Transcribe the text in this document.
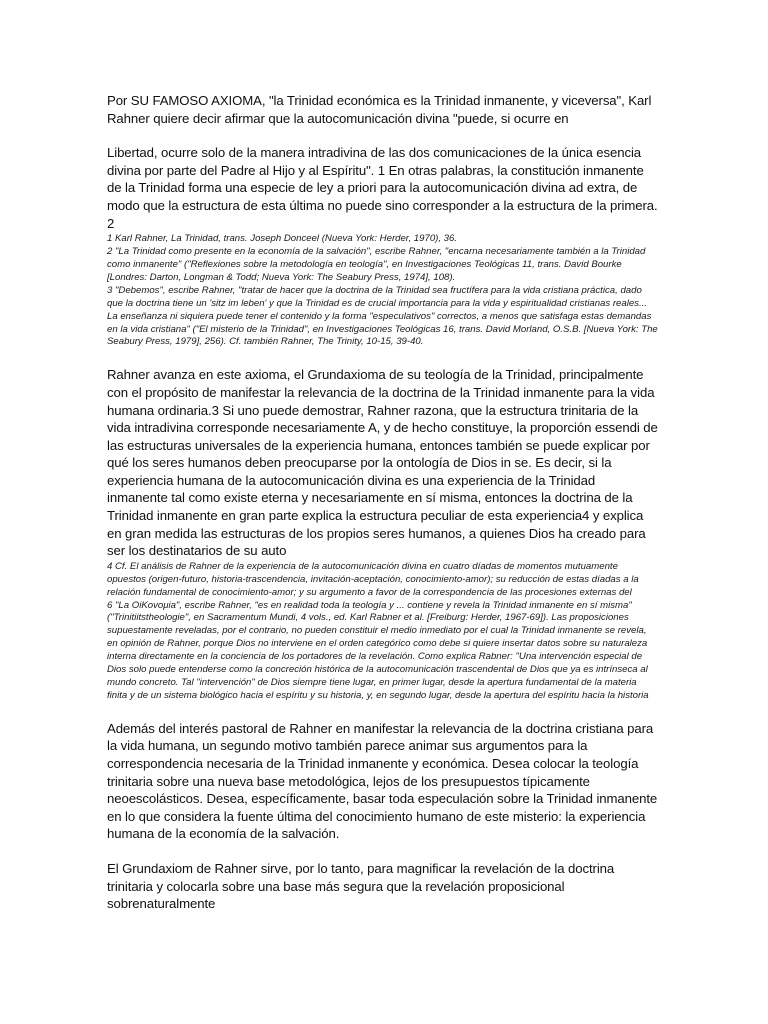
Por SU FAMOSO AXIOMA, "la Trinidad económica es la Trinidad inmanente, y viceversa", Karl Rahner quiere decir afirmar que la autocomunicación divina "puede, si ocurre en

Libertad, ocurre solo de la manera intradivina de las dos comunicaciones de la única esencia divina por parte del Padre al Hijo y al Espíritu". 1 En otras palabras, la constitución inmanente de la Trinidad forma una especie de ley a priori para la autocomunicación divina ad extra, de modo que la estructura de esta última no puede sino corresponder a la estructura de la primera. 2

1 Karl Rahner, La Trinidad, trans. Joseph Donceel (Nueva York: Herder, 1970), 36.

2 "La Trinidad como presente en la economía de la salvación", escribe Rahner, "encarna necesariamente también a la Trinidad como inmanente" ("Reflexiones sobre la metodología en teología", en Investigaciones Teológicas 11, trans. David Bourke [Londres: Darton, Longman & Todd; Nueva York: The Seabury Press, 1974], 108).

3 "Debemos", escribe Rahner, "tratar de hacer que la doctrina de la Trinidad sea fructífera para la vida cristiana práctica, dado que la doctrina tiene un 'sitz im leben' y que la Trinidad es de crucial importancia para la vida y espiritualidad cristianas reales... La enseñanza ni siquiera puede tener el contenido y la forma "especulativos" correctos, a menos que satisfaga estas demandas en la vida cristiana" ("El misterio de la Trinidad", en Investigaciones Teológicas 16, trans. David Morland, O.S.B. [Nueva York: The Seabury Press, 1979], 256). Cf. también Rahner, The Trinity, 10-15, 39-40.

Rahner avanza en este axioma, el Grundaxioma de su teología de la Trinidad, principalmente con el propósito de manifestar la relevancia de la doctrina de la Trinidad inmanente para la vida humana ordinaria.3 Si uno puede demostrar, Rahner razona, que la estructura trinitaria de la vida intradivina corresponde necesariamente A, y de hecho constituye, la proporción essendi de las estructuras universales de la experiencia humana, entonces también se puede explicar por qué los seres humanos deben preocuparse por la ontología de Dios in se. Es decir, si la experiencia humana de la autocomunicación divina es una experiencia de la Trinidad inmanente tal como existe eterna y necesariamente en sí misma, entonces la doctrina de la Trinidad inmanente en gran parte explica la estructura peculiar de esta experiencia4 y explica en gran medida las estructuras de los propios seres humanos, a quienes Dios ha creado para ser los destinatarios de su auto

4 Cf. El análisis de Rahner de la experiencia de la autocomunicación divina en cuatro díadas de momentos mutuamente opuestos (origen-futuro, historia-trascendencia, invitación-aceptación, conocimiento-amor); su reducción de estas díadas a la relación fundamental de conocimiento-amor; y su argumento a favor de la correspondencia de las procesiones externas del

6 "La OiKovoμia", escribe Rahner, "es en realidad toda la teología y ... contiene y revela la Trinidad inmanente en sí misma" ("Trinitiitstheologie", en Sacramentum Mundi, 4 vols., ed. Karl Rabner et al. [Freiburg: Herder, 1967-69]). Las proposiciones supuestamente reveladas, por el contrario, no pueden constituir el medio inmediato por el cual la Trinidad inmanente se revela, en opinión de Rahner, porque Dios no interviene en el orden categórico como debe si quiere insertar datos sobre su naturaleza interna directamente en la conciencia de los portadores de la revelación. Como explica Rabner: "Una intervención especial de Dios solo puede entenderse como la concreción histórica de la autocomunicación trascendental de Dios que ya es intrínseca al mundo concreto. Tal "intervención" de Dios siempre tiene lugar, en primer lugar, desde la apertura fundamental de la materia finita y de un sistema biológico hacia el espíritu y su historia, y, en segundo lugar, desde la apertura del espíritu hacia la historia

Además del interés pastoral de Rahner en manifestar la relevancia de la doctrina cristiana para la vida humana, un segundo motivo también parece animar sus argumentos para la correspondencia necesaria de la Trinidad inmanente y económica. Desea colocar la teología trinitaria sobre una nueva base metodológica, lejos de los presupuestos típicamente neoescolásticos. Desea, específicamente, basar toda especulación sobre la Trinidad inmanente en lo que considera la fuente última del conocimiento humano de este misterio: la experiencia humana de la economía de la salvación.

El Grundaxiom de Rahner sirve, por lo tanto, para magnificar la revelación de la doctrina trinitaria y colocarla sobre una base más segura que la revelación proposicional sobrenaturalmente
